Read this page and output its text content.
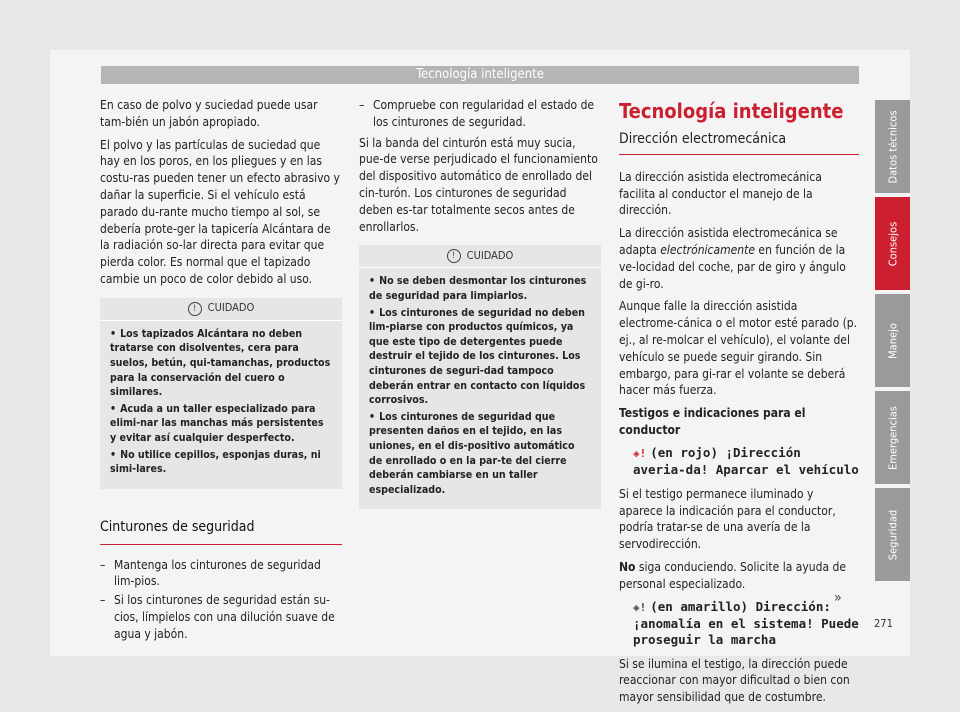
Tecnología inteligente

En caso de polvo y suciedad puede usar tam-bién un jabón apropiado.

El polvo y las partículas de suciedad que hay en los poros, en los pliegues y en las costu-ras pueden tener un efecto abrasivo y dañar la superficie. Si el vehículo está parado du-rante mucho tiempo al sol, se debería prote-ger la tapicería Alcántara de la radiación so-lar directa para evitar que pierda color. Es normal que el tapizado cambie un poco de color debido al uso.

!	CUIDADO
• Los tapizados Alcántara no deben tratarse con disolventes, cera para suelos, betún, qui-tamanchas, productos para la conservación del cuero o similares.
• Acuda a un taller especializado para elimi-nar las manchas más persistentes y evitar así cualquier desperfecto.
• No utilice cepillos, esponjas duras, ni simi-lares.
Cinturones de seguridad
– Mantenga los cinturones de seguridad lim-pios.
– Si los cinturones de seguridad están su-cios, límpielos con una dilución suave de agua y jabón.
– Compruebe con regularidad el estado de los cinturones de seguridad.

Si la banda del cinturón está muy sucia, pue-de verse perjudicado el funcionamiento del dispositivo automático de enrollado del cin-turón. Los cinturones de seguridad deben es-tar totalmente secos antes de enrollarlos.

!	CUIDADO
• No se deben desmontar los cinturones de seguridad para limpiarlos.
• Los cinturones de seguridad no deben lim-piarse con productos químicos, ya que este tipo de detergentes puede destruir el tejido de los cinturones. Los cinturones de seguri-dad tampoco deberán entrar en contacto con líquidos corrosivos.
• Los cinturones de seguridad que presenten daños en el tejido, en las uniones, en el dis-positivo automático de enrollado o en la par-te del cierre deberán cambiarse en un taller especializado.
Tecnología inteligente
Dirección electromecánica

La dirección asistida electromecánica facilita al conductor el manejo de la dirección.

La dirección asistida electromecánica se adapta electrónicamente en función de la ve-locidad del coche, par de giro y ángulo de gi-ro.

Aunque falle la dirección asistida electrome-cánica o el motor esté parado (p. ej., al re-molcar el vehículo), el volante del vehículo se puede seguir girando. Sin embargo, para gi-rar el volante se deberá hacer más fuerza.

Testigos e indicaciones para el conductor

◈! (en rojo) ¡Dirección averia-da! Aparcar el vehículo

Si el testigo permanece iluminado y aparece la indicación para el conductor, podría tratar-se de una avería de la servodirección.

No siga conduciendo. Solicite la ayuda de personal especializado.

◈! (en amarillo) Dirección: ¡anomalía en el sistema! Puede proseguir la marcha

Si se ilumina el testigo, la dirección puede reaccionar con mayor dificultad o bien con mayor sensibilidad que de costumbre.

»
271
Datos técnicos
Consejos
Manejo
Emergencias
Seguridad
